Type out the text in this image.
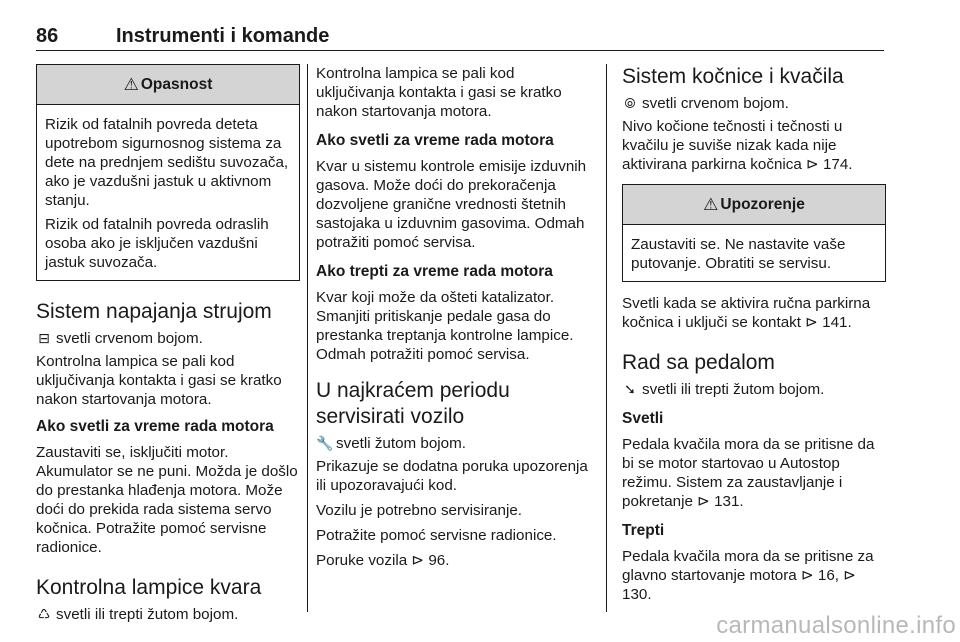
86	Instrumenti i komande
⚠ Opasnost

Rizik od fatalnih povreda deteta upotrebom sigurnosnog sistema za dete na prednjem sedištu suvozača, ako je vazdušni jastuk u aktivnom stanju.

Rizik od fatalnih povreda odraslih osoba ako je isključen vazdušni jastuk suvozača.

Sistem napajanja strujom

⊟ svetli crvenom bojom.

Kontrolna lampica se pali kod uključivanja kontakta i gasi se kratko nakon startovanja motora.

Ako svetli za vreme rada motora

Zaustaviti se, isključiti motor. Akumulator se ne puni. Možda je došlo do prestanka hlađenja motora. Može doći do prekida rada sistema servo kočnica. Potražite pomoć servisne radionice.

Kontrolna lampice kvara

♺ svetli ili trepti žutom bojom.

Kontrolna lampica se pali kod uključivanja kontakta i gasi se kratko nakon startovanja motora.

Ako svetli za vreme rada motora

Kvar u sistemu kontrole emisije izduvnih gasova. Može doći do prekoračenja dozvoljene granične vrednosti štetnih sastojaka u izduvnim gasovima. Odmah potražiti pomoć servisa.

Ako trepti za vreme rada motora

Kvar koji može da ošteti katalizator. Smanjiti pritiskanje pedale gasa do prestanka treptanja kontrolne lampice. Odmah potražiti pomoć servisa.

U najkraćem periodu servisirati vozilo

🔧 svetli žutom bojom.

Prikazuje se dodatna poruka upozorenja ili upozoravajući kod.

Vozilu je potrebno servisiranje.

Potražite pomoć servisne radionice.

Poruke vozila ⊳ 96.

Sistem kočnice i kvačila

⦾ svetli crvenom bojom.

Nivo kočione tečnosti i tečnosti u kvačilu je suviše nizak kada nije aktivirana parkirna kočnica ⊳ 174.

⚠ Upozorenje

Zaustaviti se. Ne nastavite vaše putovanje. Obratiti se servisu.

Svetli kada se aktivira ručna parkirna kočnica i uključi se kontakt ⊳ 141.

Rad sa pedalom

➘ svetli ili trepti žutom bojom.

Svetli

Pedala kvačila mora da se pritisne da bi se motor startovao u Autostop režimu. Sistem za zaustavljanje i pokretanje ⊳ 131.

Trepti

Pedala kvačila mora da se pritisne za glavno startovanje motora ⊳ 16, ⊳ 130.

carmanualsonline.info
